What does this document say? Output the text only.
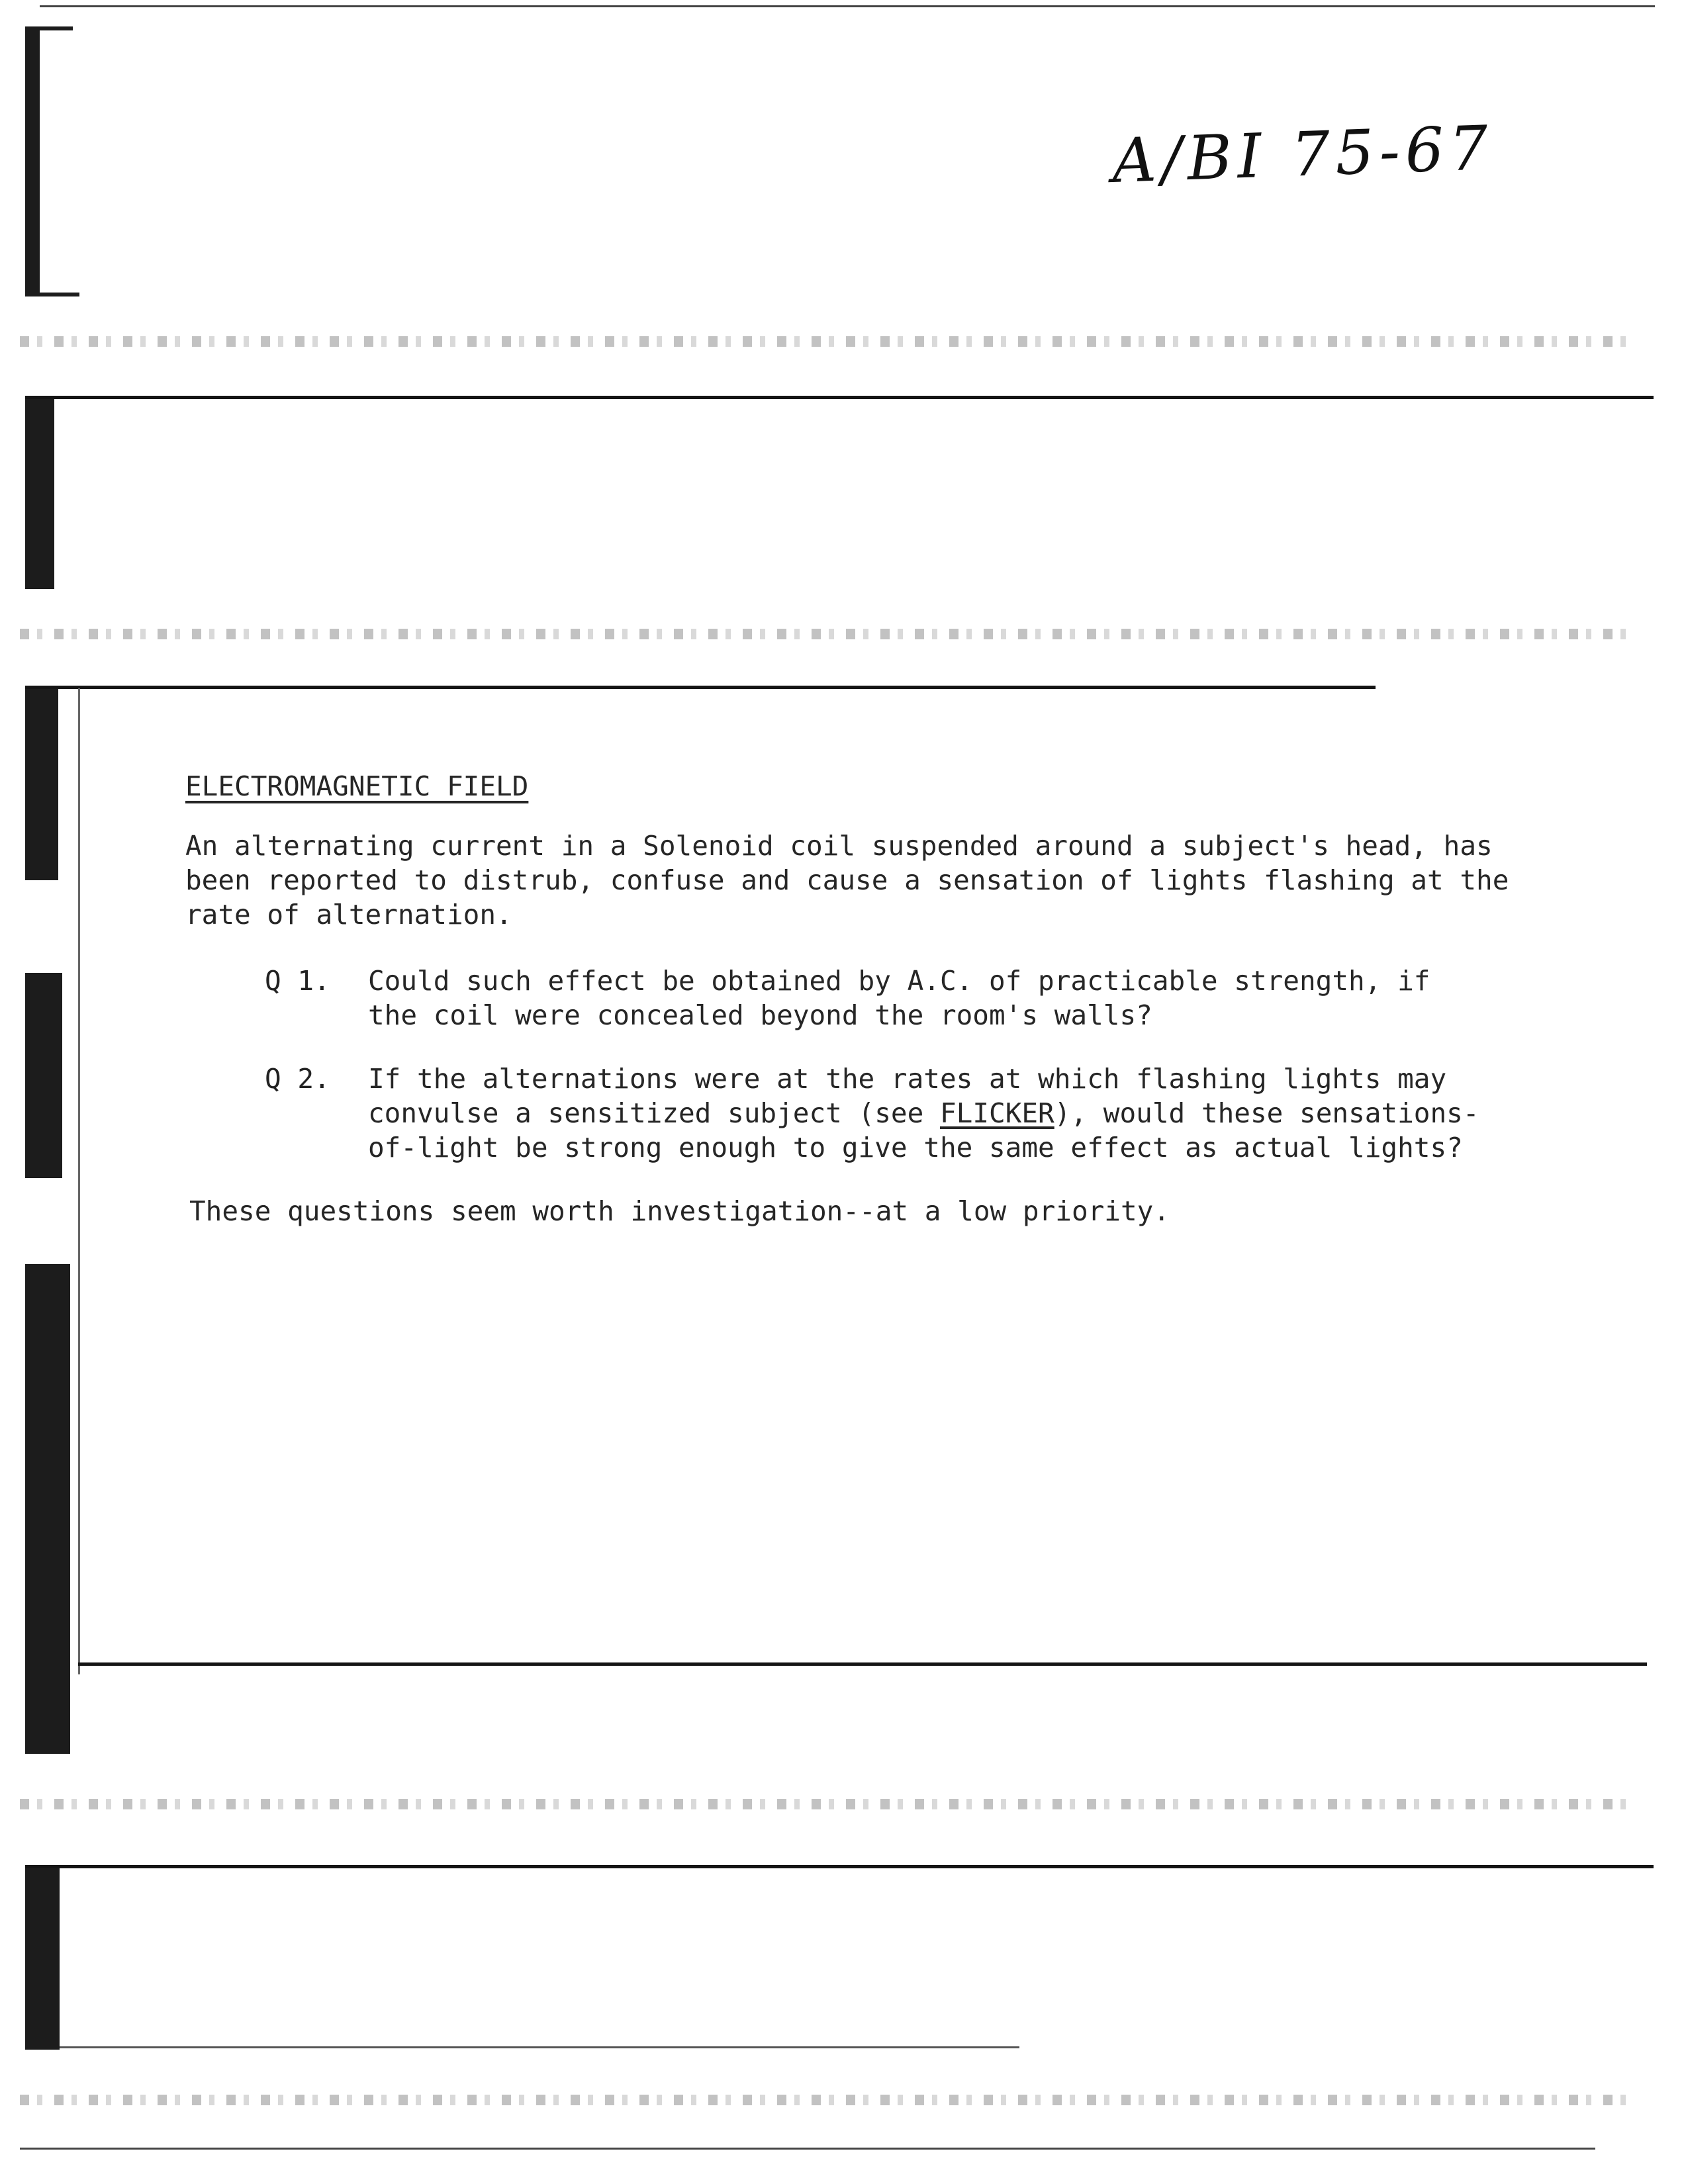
A/BI 75-67
ELECTROMAGNETIC FIELD
An alternating current in a Solenoid coil suspended around a subject's head, has
been reported to distrub, confuse and cause a sensation of lights flashing at the
rate of alternation.
Q 1. Could such effect be obtained by A.C. of practicable strength, if
the coil were concealed beyond the room's walls?
Q 2. If the alternations were at the rates at which flashing lights may
convulse a sensitized subject (see FLICKER), would these sensations-
of-light be strong enough to give the same effect as actual lights?
These questions seem worth investigation--at a low priority.
